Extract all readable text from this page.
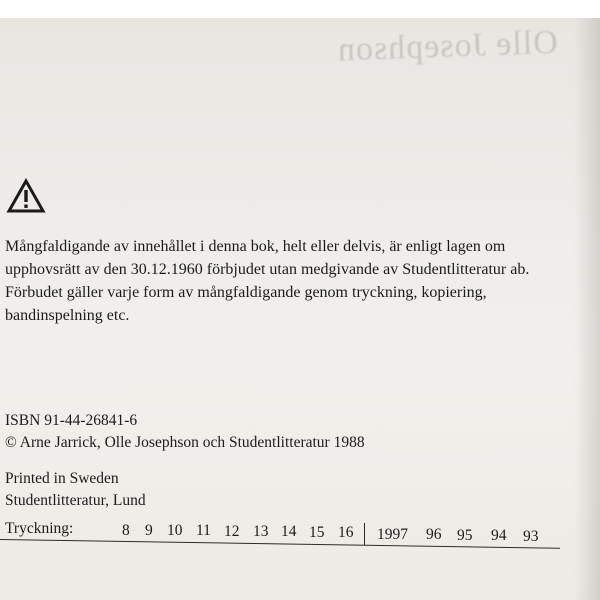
Olle Josephson
Mångfaldigande av innehållet i denna bok, helt eller delvis, är enligt lagen om
upphovsrätt av den 30.12.1960 förbjudet utan medgivande av Studentlitteratur ab.
Förbudet gäller varje form av mångfaldigande genom tryckning, kopiering,
bandinspelning etc.
ISBN 91-44-26841-6
© Arne Jarrick, Olle Josephson och Studentlitteratur 1988
Printed in Sweden
Studentlitteratur, Lund
Tryckning:	8 9 10 11 12 13 14 15 16 1997 96 95 94 93
